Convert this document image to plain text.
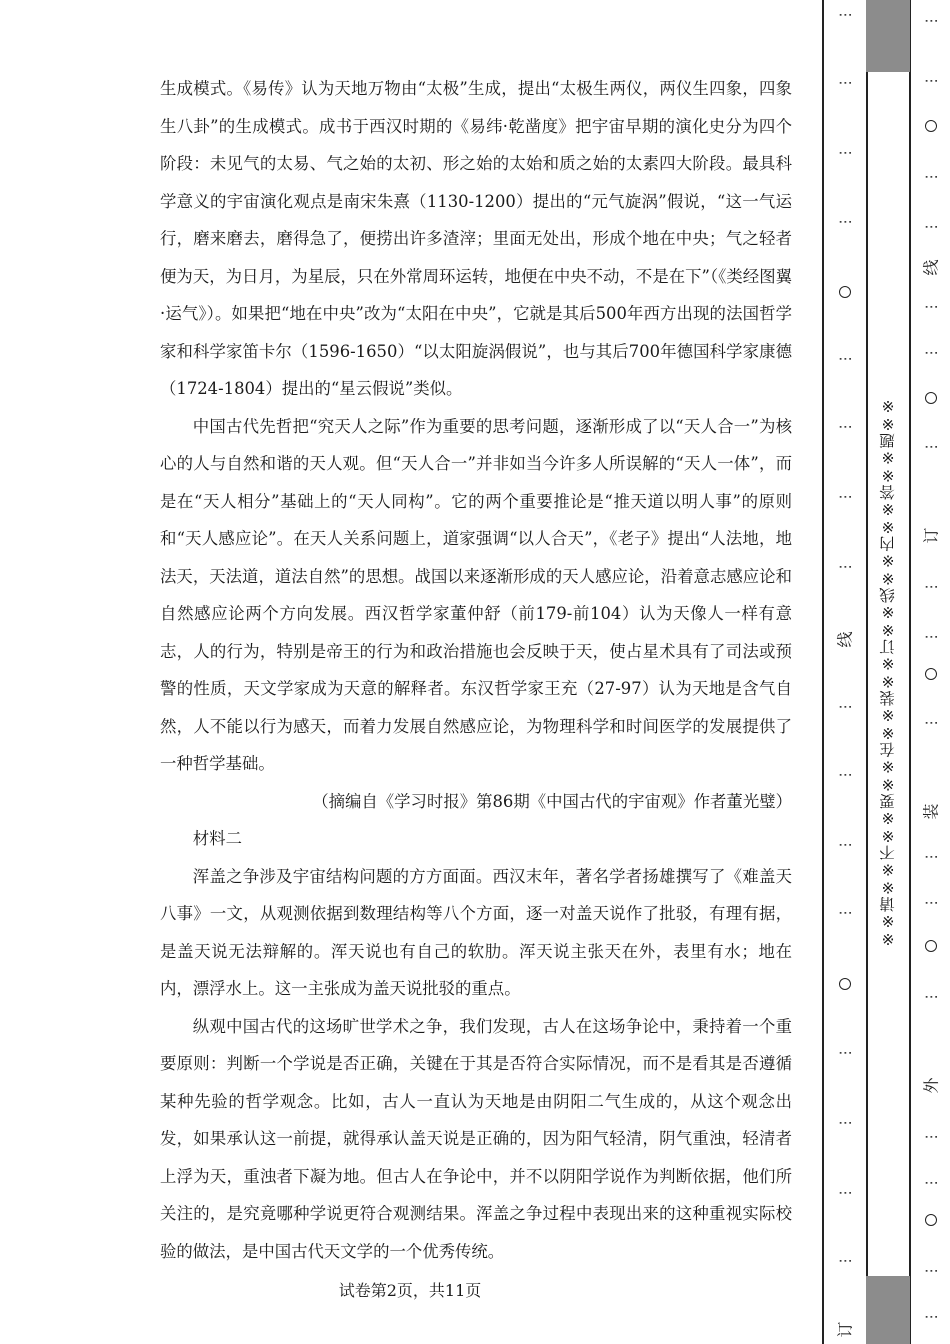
生成模式。《易传》认为天地万物由“太极”生成，提出“太极生两仪，两仪生四象，四象生八卦”的生成模式。成书于西汉时期的《易纬·乾凿度》把宇宙早期的演化史分为四个阶段：未见气的太易、气之始的太初、形之始的太始和质之始的太素四大阶段。最具科学意义的宇宙演化观点是南宋朱熹（1130-1200）提出的“元气旋涡”假说，“这一气运行，磨来磨去，磨得急了，便捞出许多渣滓；里面无处出，形成个地在中央；气之轻者便为天，为日月，为星辰，只在外常周环运转，地便在中央不动，不是在下”（《类经图翼·运气》）。如果把“地在中央”改为“太阳在中央”，它就是其后500年西方出现的法国哲学家和科学家笛卡尔（1596-1650）“以太阳旋涡假说”，也与其后700年德国科学家康德（1724-1804）提出的“星云假说”类似。

中国古代先哲把“究天人之际”作为重要的思考问题，逐渐形成了以“天人合一”为核心的人与自然和谐的天人观。但“天人合一”并非如当今许多人所误解的“天人一体”，而是在“天人相分”基础上的“天人同构”。它的两个重要推论是“推天道以明人事”的原则和“天人感应论”。在天人关系问题上，道家强调“以人合天”，《老子》提出“人法地，地法天，天法道，道法自然”的思想。战国以来逐渐形成的天人感应论，沿着意志感应论和自然感应论两个方向发展。西汉哲学家董仲舒（前179-前104）认为天像人一样有意志，人的行为，特别是帝王的行为和政治措施也会反映于天，使占星术具有了司法或预警的性质，天文学家成为天意的解释者。东汉哲学家王充（27-97）认为天地是含气自然，人不能以行为感天，而着力发展自然感应论，为物理科学和时间医学的发展提供了一种哲学基础。

（摘编自《学习时报》第86期《中国古代的宇宙观》作者董光璧）

材料二

浑盖之争涉及宇宙结构问题的方方面面。西汉末年，著名学者扬雄撰写了《难盖天八事》一文，从观测依据到数理结构等八个方面，逐一对盖天说作了批驳，有理有据，是盖天说无法辩解的。浑天说也有自己的软肋。浑天说主张天在外，表里有水；地在内，漂浮水上。这一主张成为盖天说批驳的重点。

纵观中国古代的这场旷世学术之争，我们发现，古人在这场争论中，秉持着一个重要原则：判断一个学说是否正确，关键在于其是否符合实际情况，而不是看其是否遵循某种先验的哲学观念。比如，古人一直认为天地是由阴阳二气生成的，从这个观念出发，如果承认这一前提，就得承认盖天说是正确的，因为阳气轻清，阴气重浊，轻清者上浮为天，重浊者下凝为地。但古人在争论中，并不以阴阳学说作为判断依据，他们所关注的，是究竟哪种学说更符合观测结果。浑盖之争过程中表现出来的这种重视实际校验的做法，是中国古代天文学的一个优秀传统。

试卷第2页，共11页
※※请※※不※※要※※在※※装※※订※※线※※内※※答※※题※※
⋮
⋮
⋮
⋮
⋮
⋮
⋮
⋮
线
⋮
⋮
⋮
⋮
⋮
⋮
⋮
⋮
订
⋮
⋮
⋮
⋮
线
⋮
⋮
⋮
订
⋮
⋮
⋮
装
⋮
⋮
⋮
外
⋮
⋮
⋮
⋮
